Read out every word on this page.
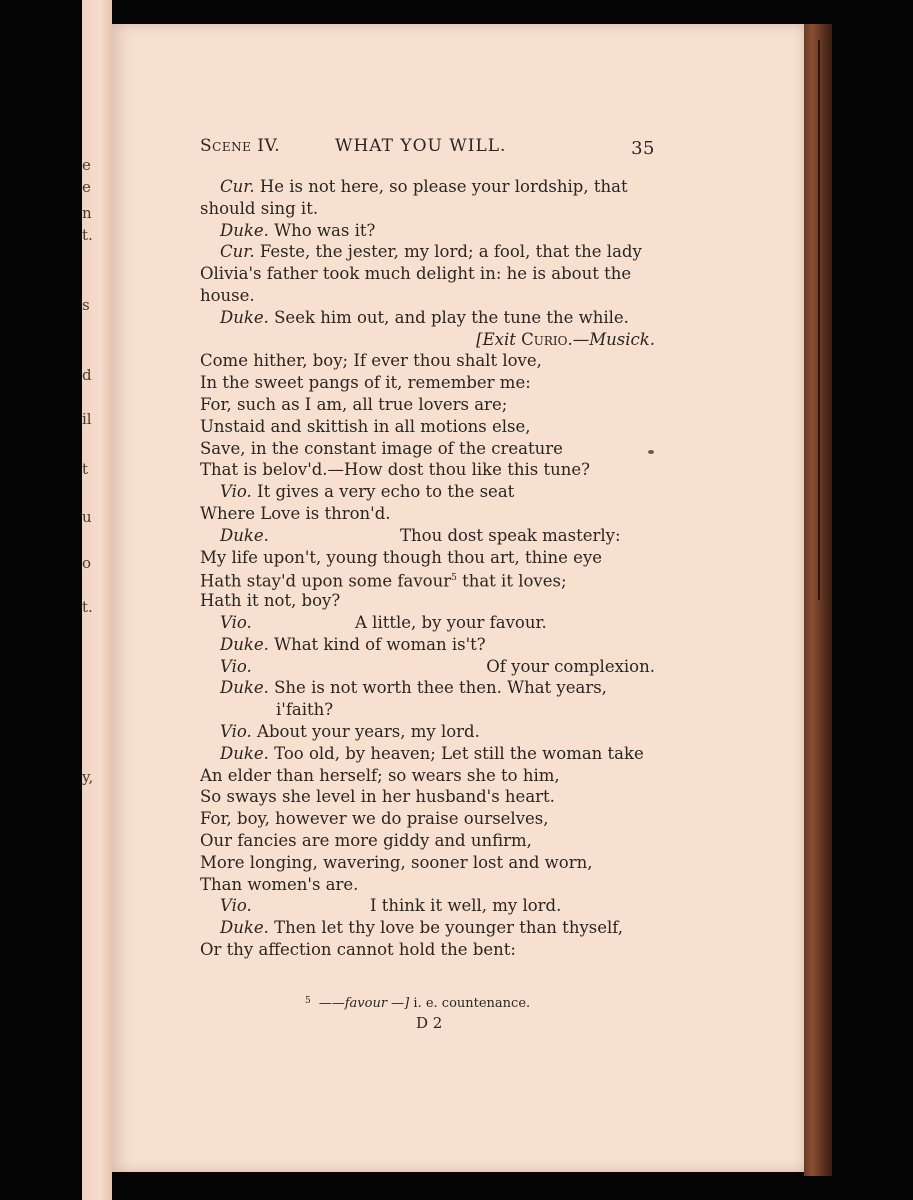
e
e
n
t.
s
d
il
t
u
o
t.
y,
Scene IV.	WHAT YOU WILL.	35
Cur. He is not here, so please your lordship, that
should sing it.
Duke. Who was it?
Cur. Feste, the jester, my lord; a fool, that the lady
Olivia's father took much delight in: he is about the
house.
Duke. Seek him out, and play the tune the while.
[Exit Curio.—Musick.
Come hither, boy; If ever thou shalt love,
In the sweet pangs of it, remember me:
For, such as I am, all true lovers are;
Unstaid and skittish in all motions else,
Save, in the constant image of the creature
That is belov'd.—How dost thou like this tune?
Vio. It gives a very echo to the seat
Where Love is thron'd.
Duke.	Thou dost speak masterly:
My life upon't, young though thou art, thine eye
Hath stay'd upon some favour$^5$ that it loves;
Hath it not, boy?
Vio.	A little, by your favour.
Duke. What kind of woman is't?
Vio.	Of your complexion.
Duke. She is not worth thee then. What years,
i'faith?
Vio. About your years, my lord.
Duke. Too old, by heaven; Let still the woman take
An elder than herself; so wears she to him,
So sways she level in her husband's heart.
For, boy, however we do praise ourselves,
Our fancies are more giddy and unfirm,
More longing, wavering, sooner lost and worn,
Than women's are.
Vio.	I think it well, my lord.
Duke. Then let thy love be younger than thyself,
Or thy affection cannot hold the bent:
$^5$ ——favour —] i. e. countenance.
D 2
